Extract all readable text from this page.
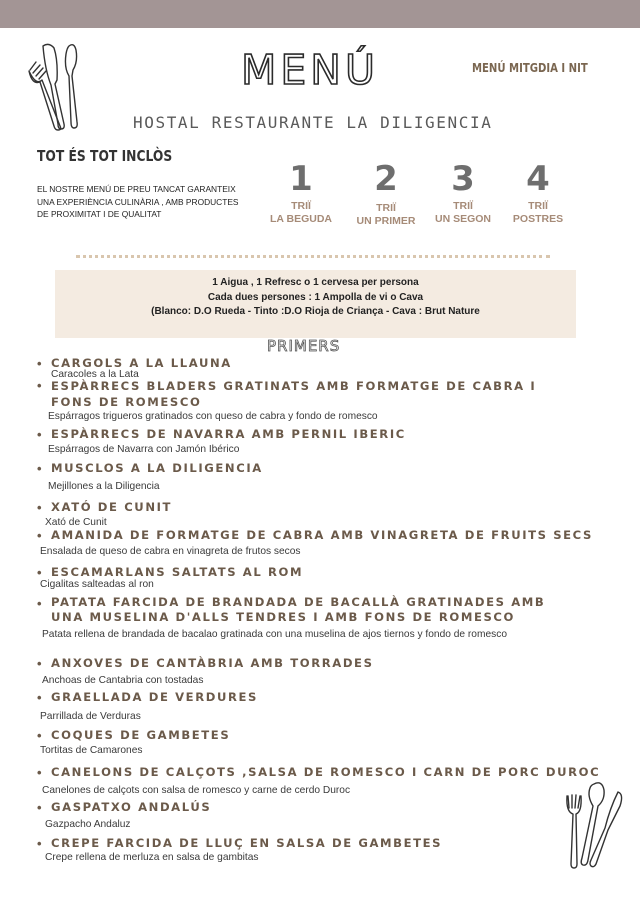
MENÚ	MENÚ MITGDIA I NIT
HOSTAL RESTAURANTE LA DILIGENCIA
TOT ÉS TOT INCLÒS
EL NOSTRE MENÚ DE PREU TANCAT GARANTEIX UNA EXPERIÈNCIA CULINÀRIA , AMB PRODUCTES DE PROXIMITAT I DE QUALITAT
1
TRIÏ
LA BEGUDA
2
TRIÏ
UN PRIMER
3
TRIÏ
UN SEGON
4
TRIÏ
POSTRES
1 Aigua , 1 Refresc o 1 cervesa per persona
Cada dues persones : 1 Ampolla de vi o Cava
(Blanco: D.O Rueda - Tinto :D.O Rioja de Criança - Cava : Brut Nature
PRIMERS
• CARGOLS A LA LLAUNA
Caracoles a la Lata
• ESPÀRRECS BLADERS GRATINATS AMB FORMATGE DE CABRA I FONS DE ROMESCO
Espárragos trigueros gratinados con queso de cabra y fondo de romesco
• ESPÀRRECS DE NAVARRA AMB PERNIL IBERIC
Espárragos de Navarra con Jamón Ibérico
• MUSCLOS A LA DILIGENCIA
Mejillones a la Diligencia
• XATÓ DE CUNIT
Xató de Cunit
• AMANIDA DE FORMATGE DE CABRA AMB VINAGRETA DE FRUITS SECS
Ensalada de queso de cabra en vinagreta de frutos secos
• ESCAMARLANS SALTATS AL ROM
Cigalitas salteadas al ron
• PATATA FARCIDA DE BRANDADA DE BACALLÀ GRATINADES AMB UNA MUSELINA D'ALLS TENDRES I AMB FONS DE ROMESCO
Patata rellena de brandada de bacalao gratinada con una muselina de ajos tiernos y fondo de romesco
• ANXOVES DE CANTÀBRIA AMB TORRADES
Anchoas de Cantabria con tostadas
• GRAELLADA DE VERDURES
Parrillada de Verduras
• COQUES DE GAMBETES
Tortitas de Camarones
• CANELONS DE CALÇOTS ,SALSA DE ROMESCO I CARN DE PORC DUROC
Canelones de calçots con salsa de romesco y carne de cerdo Duroc
• GASPATXO ANDALÚS
Gazpacho Andaluz
• CREPE FARCIDA DE LLUÇ EN SALSA DE GAMBETES
Crepe rellena de merluza en salsa de gambitas
